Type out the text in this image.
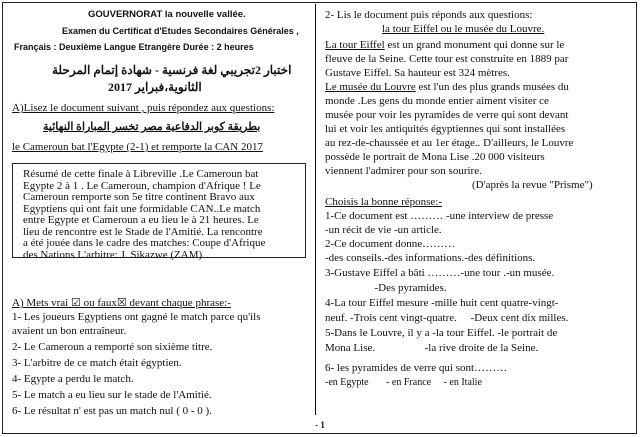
GOUVERNORAT la nouvelle vallée.
Examen du Certificat d'Etudes Secondaires Générales ,
Français : Deuxième Langue Etrangère Durée : 2 heures
اختبار 2تجريبي لغة فرنسية - شهادة إتمام المرحلة
الثانوية،فبراير 2017
A)Lisez le document suivant , puis répondez aux questions:
بطريقة كوبر الدفاعية مصر تخسر المباراة النهائية
le Cameroun bat l'Egypte (2-1) et remporte la CAN 2017
Résumé de cette finale à Libreville .Le Cameroun bat
Egypte 2 à 1 . Le Cameroun, champion d'Afrique ! Le
Cameroun remporte son 5e titre continent Bravo aux
Egyptiens qui ont fait une formidable CAN..Le match
entre Egypte et Cameroun a eu lieu le à 21 heures. Le
lieu de rencontre est le Stade de l'Amitié. La rencontre
a été jouée dans le cadre des matches: Coupe d'Afrique
des Nations L'arbitre: J. Sikazwe (ZAM)
A) Mets vrai ☑ ou faux☒ devant chaque phrase:-
1- Les joueurs Egyptiens ont gagné le match parce qu'ils
avaient un bon entraîneur.
2- Le Cameroun a remporté son sixième titre.
3- L'arbitre de ce match était égyptien.
4- Egypte a perdu le match.
5- Le match a eu lieu sur le stade de l'Amitié.
6- Le résultat n' est pas un match nul ( 0 - 0 ).
2- Lis le document puis réponds aux questions:
la tour Eiffel ou le musée du Louvre.
La tour Eiffel est un grand monument qui donne sur le
fleuve de la Seine. Cette tour est construite en 1889 par
Gustave Eiffel. Sa hauteur est 324 mètres.
Le musée du Louvre est l'un des plus grands musées du
monde .Les gens du monde entier aiment visiter ce
musée pour voir les pyramides de verre qui sont devant
lui et voir les antiquités égyptiennes qui sont installées
au rez-de-chaussée et au 1er étage.. D'ailleurs, le Louvre
possède le portrait de Mona Lise .20 000 visiteurs
viennent l'admirer pour son sourire.
(D'après la revue "Prisme")
Choisis la bonne réponse:-
1-Ce document est ……… -une interview de presse
-un récit de vie -un article.
2-Ce document donne………
-des conseils.-des informations.-des définitions.
3-Gustave Eiffel a bâti ………-une tour .-un musée.
-Des pyramides.
4-La tour Eiffel mesure -mille huit cent quatre-vingt-
neuf. -Trois cent vingt-quatre.     -Deux cent dix milles.
5-Dans le Louvre, il y a -la tour Eiffel. -le portrait de
Mona Lise.                  -la rive droite de la Seine.
6- les pyramides de verre qui sont………
-en Egypte       - en France     - en Italie
- 1
